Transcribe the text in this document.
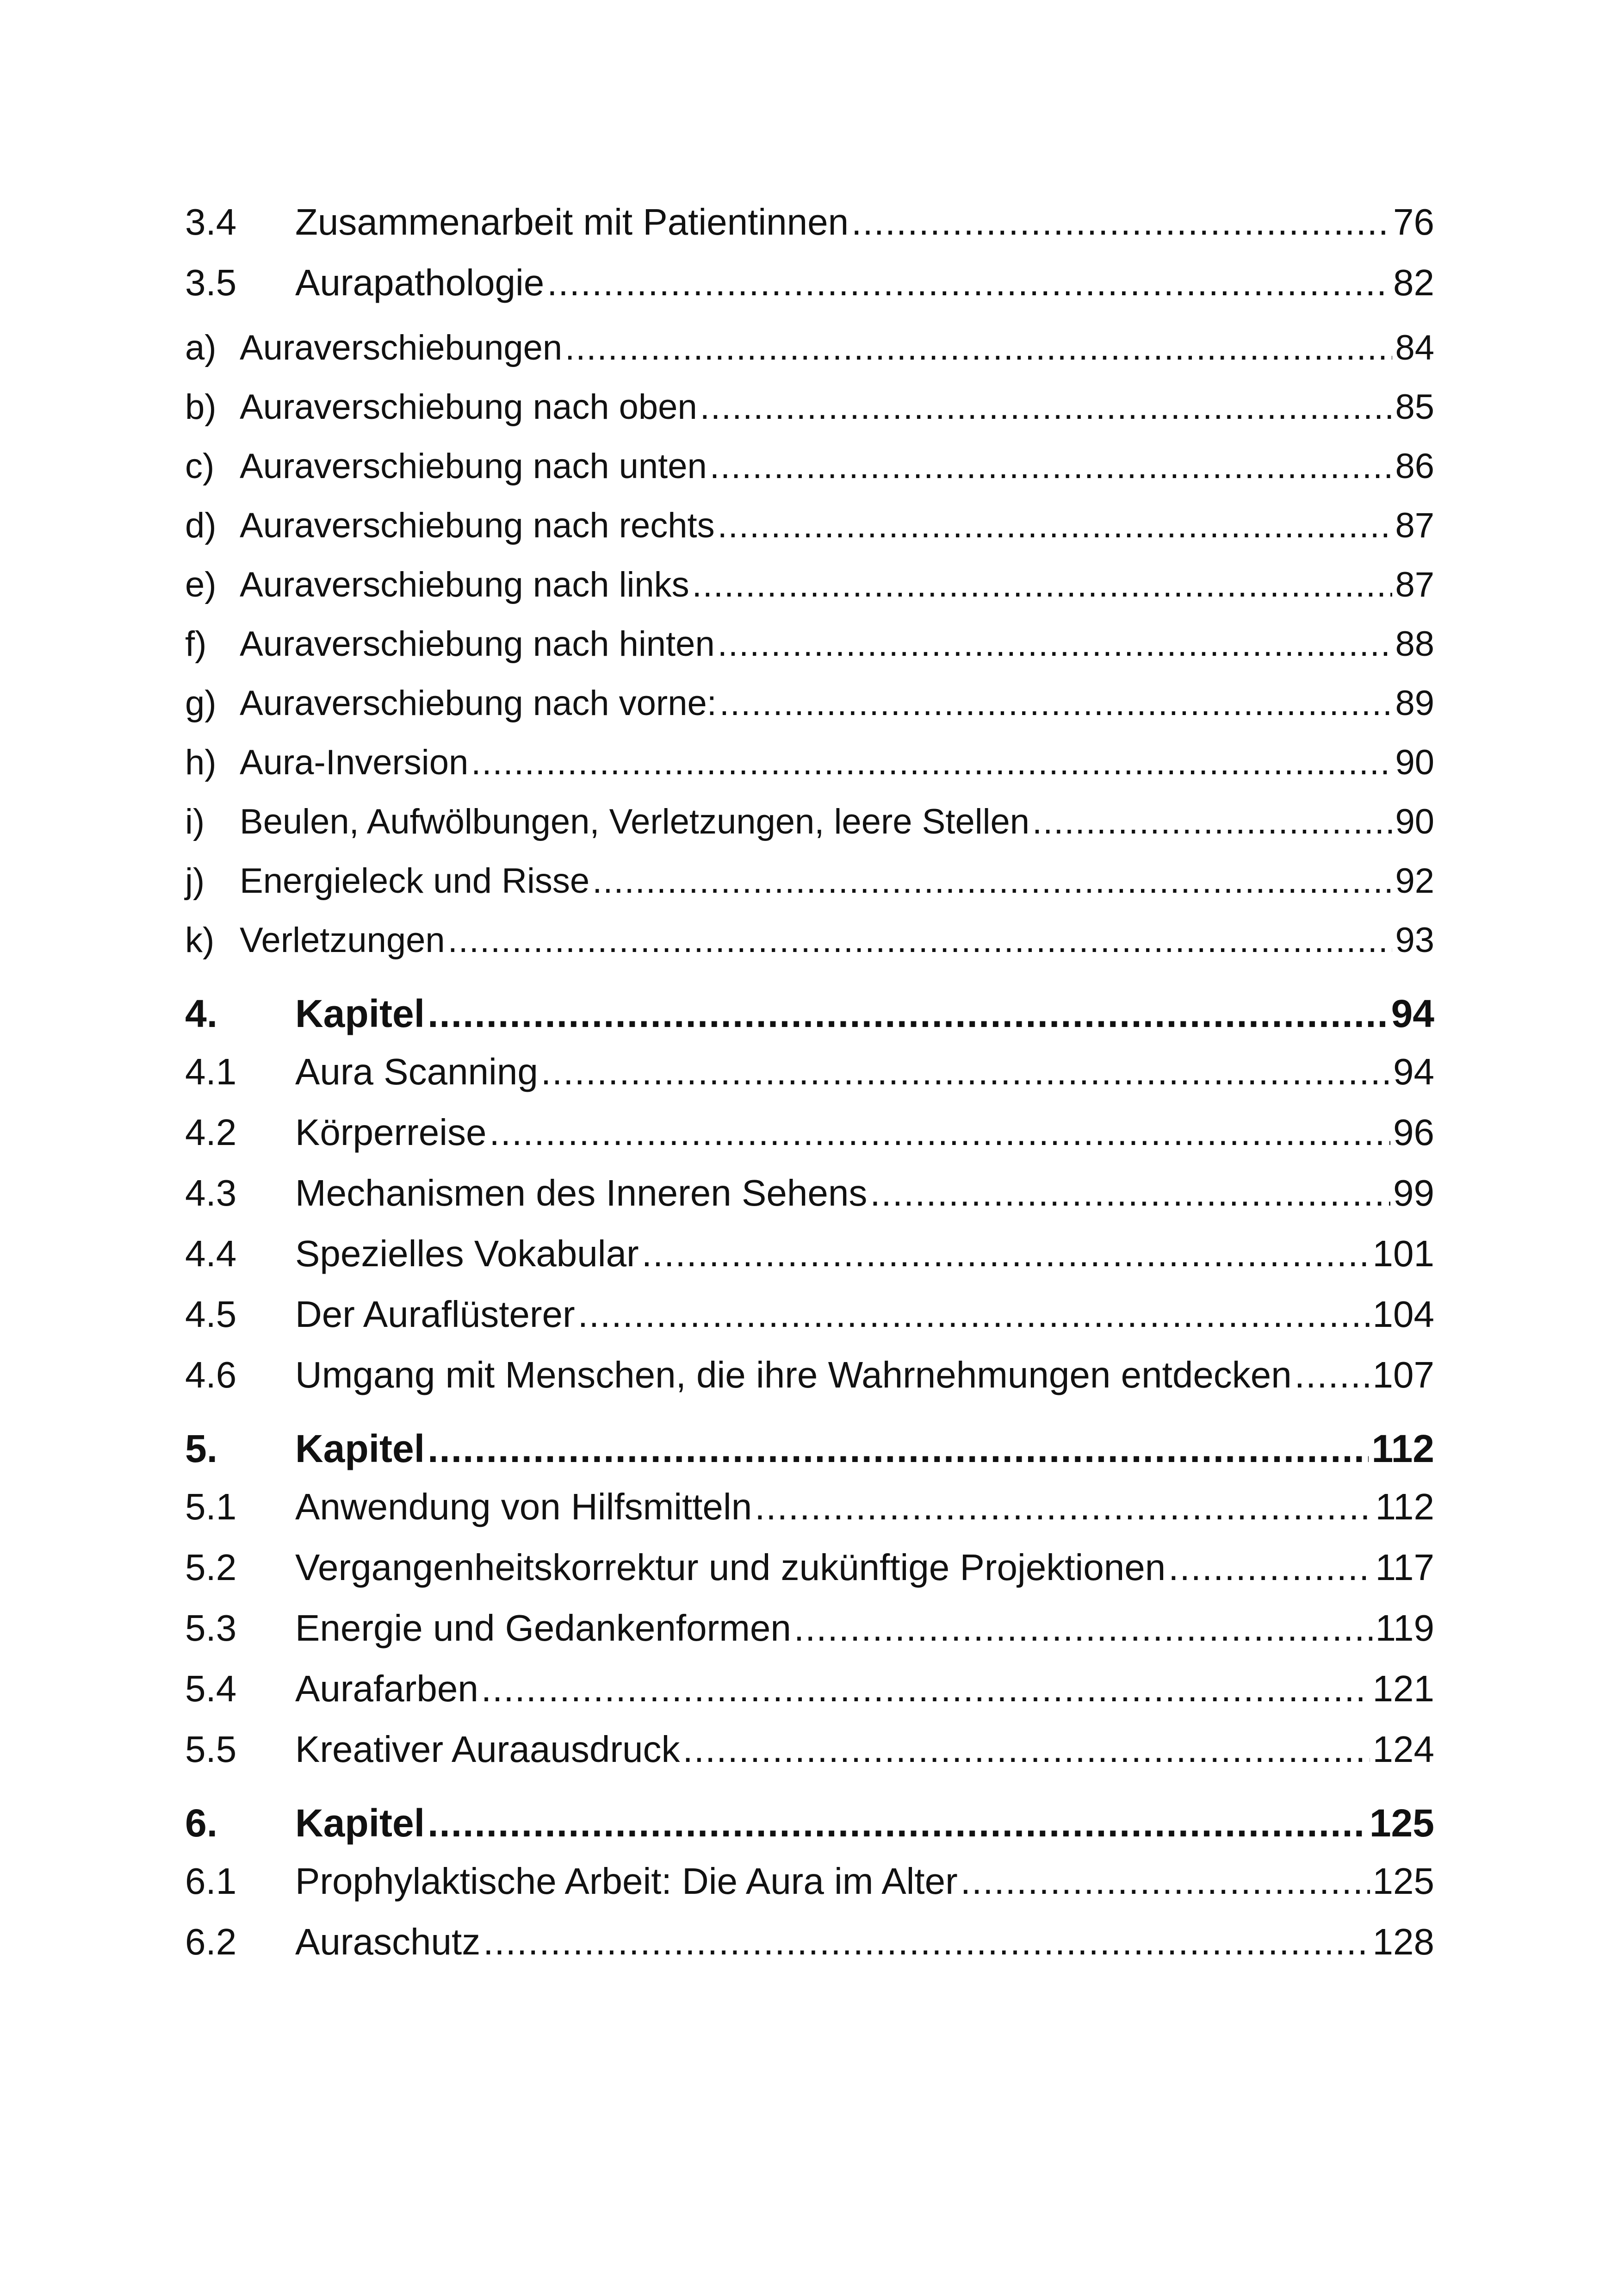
3.4	Zusammenarbeit mit Patientinnen .....	76
3.5	Aurapathologie .....	82
a) Auraverschiebungen .....	84
b) Auraverschiebung nach oben .....	85
c) Auraverschiebung nach unten .....	86
d) Auraverschiebung nach rechts .....	87
e) Auraverschiebung nach links .....	87
f) Auraverschiebung nach hinten .....	88
g) Auraverschiebung nach vorne: .....	89
h) Aura-Inversion .....	90
i) Beulen, Aufwölbungen, Verletzungen, leere Stellen .....	90
j) Energieleck und Risse .....	92
k) Verletzungen .....	93
4.	Kapitel .....	94
4.1	Aura Scanning .....	94
4.2	Körperreise .....	96
4.3	Mechanismen des Inneren Sehens .....	99
4.4	Spezielles Vokabular .....	101
4.5	Der Auraflüsterer .....	104
4.6	Umgang mit Menschen, die ihre Wahrnehmungen entdecken ..... 107
5.	Kapitel .....	112
5.1	Anwendung von Hilfsmitteln .....	112
5.2	Vergangenheitskorrektur und zukünftige Projektionen .....	117
5.3	Energie und Gedankenformen .....	119
5.4	Aurafarben .....	121
5.5	Kreativer Auraausdruck .....	124
6.	Kapitel .....	125
6.1	Prophylaktische Arbeit: Die Aura im Alter .....	125
6.2	Auraschutz .....	128
